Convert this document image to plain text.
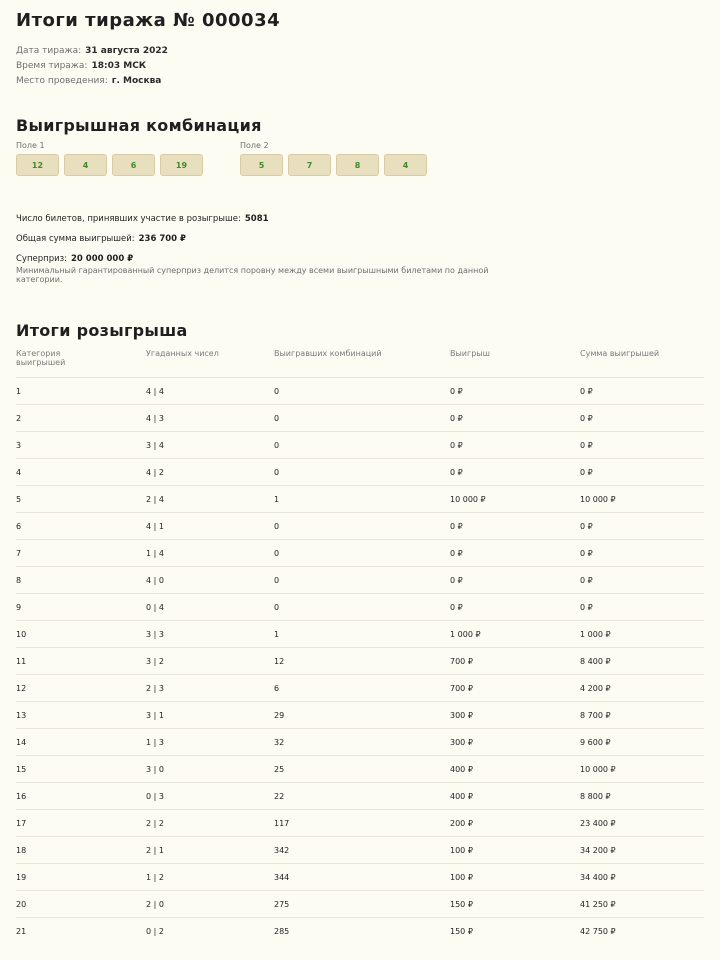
Итоги тиража № 000034
Дата тиража: 31 августа 2022
Время тиража: 18:03 МСК
Место проведения: г. Москва
Выигрышная комбинация
Поле 1
12	4	6	19
Поле 2
5	7	8	4
Число билетов, принявших участие в розыгрыше: 5081
Общая сумма выигрышей: 236 700 ₽
Суперприз: 20 000 000 ₽
Минимальный гарантированный суперприз делится поровну между всеми выигрышными билетами по данной категории.
Итоги розыгрыша
Категория выигрышей	Угаданных чисел	Выигравших комбинаций	Выигрыш	Сумма выигрышей
1	4 | 4	0	0 ₽	0 ₽
2	4 | 3	0	0 ₽	0 ₽
3	3 | 4	0	0 ₽	0 ₽
4	4 | 2	0	0 ₽	0 ₽
5	2 | 4	1	10 000 ₽	10 000 ₽
6	4 | 1	0	0 ₽	0 ₽
7	1 | 4	0	0 ₽	0 ₽
8	4 | 0	0	0 ₽	0 ₽
9	0 | 4	0	0 ₽	0 ₽
10	3 | 3	1	1 000 ₽	1 000 ₽
11	3 | 2	12	700 ₽	8 400 ₽
12	2 | 3	6	700 ₽	4 200 ₽
13	3 | 1	29	300 ₽	8 700 ₽
14	1 | 3	32	300 ₽	9 600 ₽
15	3 | 0	25	400 ₽	10 000 ₽
16	0 | 3	22	400 ₽	8 800 ₽
17	2 | 2	117	200 ₽	23 400 ₽
18	2 | 1	342	100 ₽	34 200 ₽
19	1 | 2	344	100 ₽	34 400 ₽
20	2 | 0	275	150 ₽	41 250 ₽
21	0 | 2	285	150 ₽	42 750 ₽
